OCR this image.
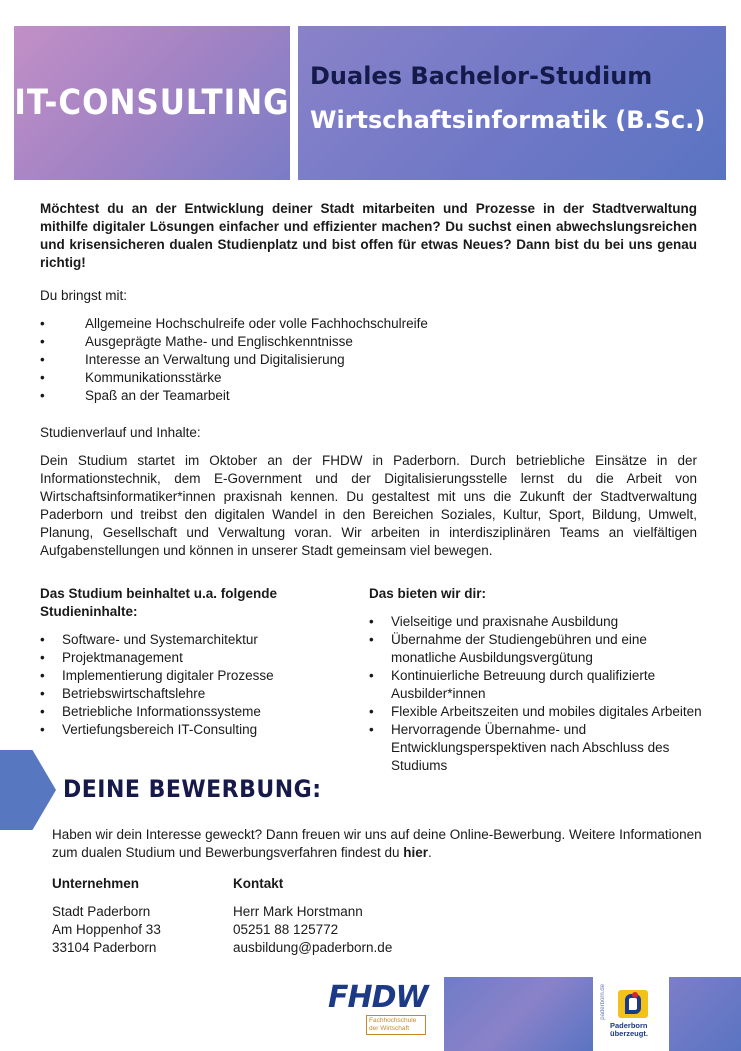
IT-CONSULTING
Duales Bachelor-Studium
Wirtschaftsinformatik (B.Sc.)

Möchtest du an der Entwicklung deiner Stadt mitarbeiten und Prozesse in der Stadtverwaltung mithilfe digitaler Lösungen einfacher und effizienter machen? Du suchst einen abwechslungsreichen und krisensicheren dualen Studienplatz und bist offen für etwas Neues? Dann bist du bei uns genau richtig!

Du bringst mit:
• Allgemeine Hochschulreife oder volle Fachhochschulreife
• Ausgeprägte Mathe- und Englischkenntnisse
• Interesse an Verwaltung und Digitalisierung
• Kommunikationsstärke
• Spaß an der Teamarbeit
Studienverlauf und Inhalte:

Dein Studium startet im Oktober an der FHDW in Paderborn. Durch betriebliche Einsätze in der Informationstechnik, dem E-Government und der Digitalisierungsstelle lernst du die Arbeit von Wirtschaftsinformatiker*innen praxisnah kennen. Du gestaltest mit uns die Zukunft der Stadtverwaltung Paderborn und treibst den digitalen Wandel in den Bereichen Soziales, Kultur, Sport, Bildung, Umwelt, Planung, Gesellschaft und Verwaltung voran. Wir arbeiten in interdisziplinären Teams an vielfältigen Aufgabenstellungen und können in unserer Stadt gemeinsam viel bewegen.

Das Studium beinhaltet u.a. folgende
Studieninhalte:
• Software- und Systemarchitektur
• Projektmanagement
• Implementierung digitaler Prozesse
• Betriebswirtschaftslehre
• Betriebliche Informationssysteme
• Vertiefungsbereich IT-Consulting
Das bieten wir dir:
• Vielseitige und praxisnahe Ausbildung
• Übernahme der Studiengebühren und eine monatliche Ausbildungsvergütung
• Kontinuierliche Betreuung durch qualifizierte Ausbilder*innen
• Flexible Arbeitszeiten und mobiles digitales Arbeiten
• Hervorragende Übernahme- und Entwicklungsperspektiven nach Abschluss des Studiums
DEINE BEWERBUNG:

Haben wir dein Interesse geweckt? Dann freuen wir uns auf deine Online-Bewerbung. Weitere Informationen zum dualen Studium und Bewerbungsverfahren findest du hier.

Unternehmen
Stadt Paderborn
Am Hoppenhof 33
33104 Paderborn
Kontakt
Herr Mark Horstmann
05251 88 125772
ausbildung@paderborn.de
FHDW
Fachhochschule
der Wirtschaft
paderborn.de
Paderborn
überzeugt.
